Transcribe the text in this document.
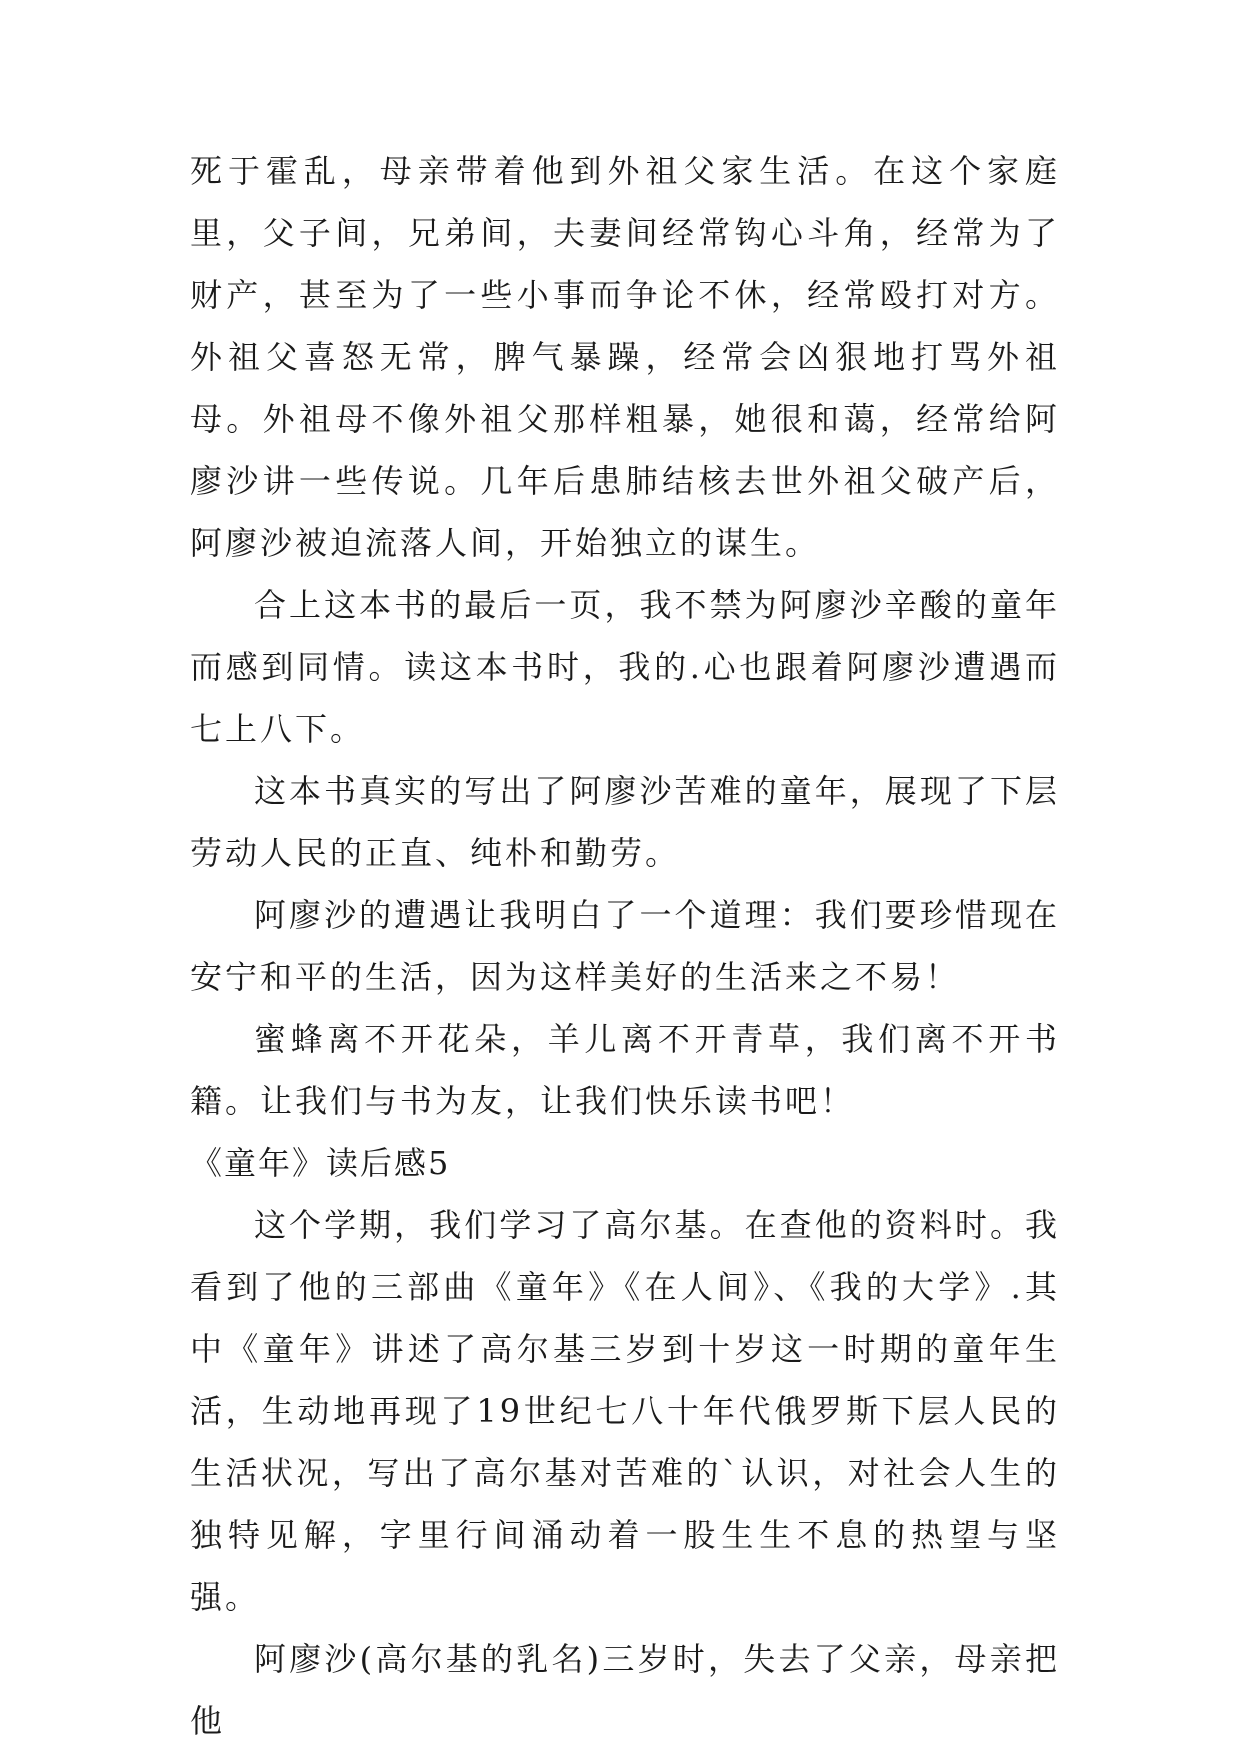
死于霍乱，母亲带着他到外祖父家生活。在这个家庭里，父子间，兄弟间，夫妻间经常钩心斗角，经常为了财产，甚至为了一些小事而争论不休，经常殴打对方。外祖父喜怒无常，脾气暴躁，经常会凶狠地打骂外祖母。外祖母不像外祖父那样粗暴，她很和蔼，经常给阿廖沙讲一些传说。几年后患肺结核去世外祖父破产后，阿廖沙被迫流落人间，开始独立的谋生。

合上这本书的最后一页，我不禁为阿廖沙辛酸的童年而感到同情。读这本书时，我的.心也跟着阿廖沙遭遇而七上八下。

这本书真实的写出了阿廖沙苦难的童年，展现了下层劳动人民的正直、纯朴和勤劳。

阿廖沙的遭遇让我明白了一个道理：我们要珍惜现在安宁和平的生活，因为这样美好的生活来之不易！

蜜蜂离不开花朵，羊儿离不开青草，我们离不开书籍。让我们与书为友，让我们快乐读书吧！

《童年》读后感5

这个学期，我们学习了高尔基。在查他的资料时。我看到了他的三部曲《童年》《在人间》、《我的大学》.其中《童年》讲述了高尔基三岁到十岁这一时期的童年生活，生动地再现了19世纪七八十年代俄罗斯下层人民的生活状况，写出了高尔基对苦难的`认识，对社会人生的独特见解，字里行间涌动着一股生生不息的热望与坚强。

阿廖沙(高尔基的乳名)三岁时，失去了父亲，母亲把他
